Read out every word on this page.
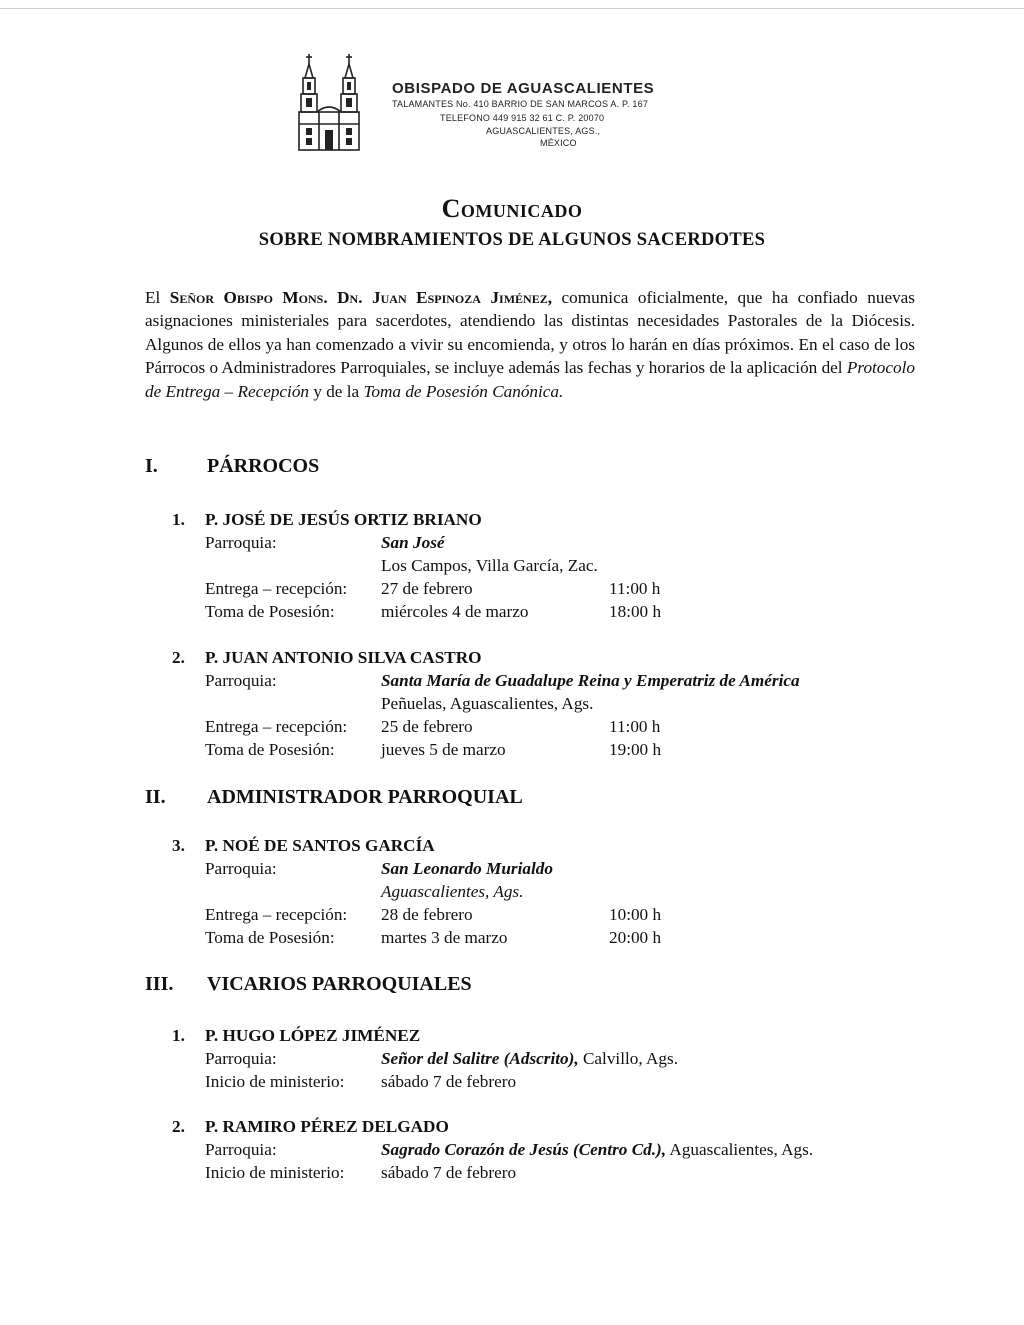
OBISPADO DE AGUASCALIENTES
TALAMANTES No. 410 BARRIO DE SAN MARCOS A. P. 167
TELEFONO 449 915 32 61 C. P. 20070
AGUASCALIENTES, AGS.,
MÉXICO
Comunicado
SOBRE NOMBRAMIENTOS DE ALGUNOS SACERDOTES

El Señor Obispo Mons. Dn. Juan Espinoza Jiménez, comunica oficialmente, que ha confiado nuevas asignaciones ministeriales para sacerdotes, atendiendo las distintas necesidades Pastorales de la Diócesis. Algunos de ellos ya han comenzado a vivir su encomienda, y otros lo harán en días próximos. En el caso de los Párrocos o Administradores Parroquiales, se incluye además las fechas y horarios de la aplicación del Protocolo de Entrega – Recepción y de la Toma de Posesión Canónica.

I. PÁRROCOS
1. P. JOSÉ DE JESÚS ORTIZ BRIANO
Parroquia:	San José
Los Campos, Villa García, Zac.
Entrega – recepción:	27 de febrero	11:00 h
Toma de Posesión:	miércoles 4 de marzo	18:00 h
2. P. JUAN ANTONIO SILVA CASTRO
Parroquia:	Santa María de Guadalupe Reina y Emperatriz de América
Peñuelas, Aguascalientes, Ags.
Entrega – recepción:	25 de febrero	11:00 h
Toma de Posesión:	jueves 5 de marzo	19:00 h
II. ADMINISTRADOR PARROQUIAL
3. P. NOÉ DE SANTOS GARCÍA
Parroquia:	San Leonardo Murialdo
Aguascalientes, Ags.
Entrega – recepción:	28 de febrero	10:00 h
Toma de Posesión:	martes 3 de marzo	20:00 h
III. VICARIOS PARROQUIALES
1. P. HUGO LÓPEZ JIMÉNEZ
Parroquia:	Señor del Salitre (Adscrito), Calvillo, Ags.
Inicio de ministerio:	sábado 7 de febrero
2. P. RAMIRO PÉREZ DELGADO
Parroquia:	Sagrado Corazón de Jesús (Centro Cd.), Aguascalientes, Ags.
Inicio de ministerio:	sábado 7 de febrero
